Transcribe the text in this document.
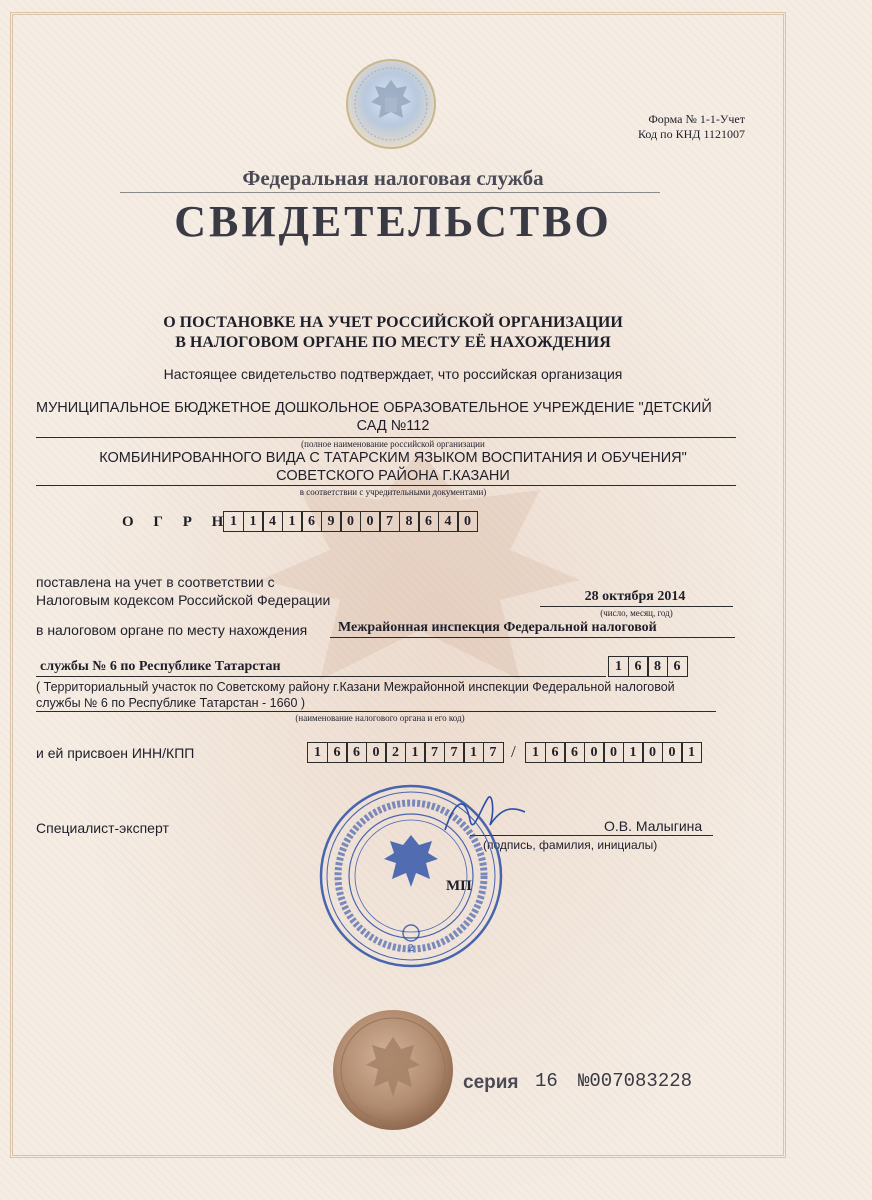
Форма № 1-1-Учет
Код по КНД 1121007
Федеральная налоговая служба
СВИДЕТЕЛЬСТВО
О ПОСТАНОВКЕ НА УЧЕТ РОССИЙСКОЙ ОРГАНИЗАЦИИ
В НАЛОГОВОМ ОРГАНЕ ПО МЕСТУ ЕЁ НАХОЖДЕНИЯ
Настоящее свидетельство подтверждает, что российская организация
МУНИЦИПАЛЬНОЕ БЮДЖЕТНОЕ ДОШКОЛЬНОЕ ОБРАЗОВАТЕЛЬНОЕ УЧРЕЖДЕНИЕ "ДЕТСКИЙ
САД №112
(полное наименование российской организации
КОМБИНИРОВАННОГО ВИДА С ТАТАРСКИМ ЯЗЫКОМ ВОСПИТАНИЯ И ОБУЧЕНИЯ"
СОВЕТСКОГО РАЙОНА Г.КАЗАНИ
в соответствии с учредительными документами)
О Г Р Н
1 1 4 1 6 9 0 0 7 8 6 4 0
поставлена на учет в соответствии с
Налоговым кодексом Российской Федерации	28 октября 2014
(число, месяц, год)
в налоговом органе по месту нахождения Межрайонная инспекция Федеральной налоговой
службы № 6 по Республике Татарстан	1 6 8 6
( Территориальный участок по Советскому району г.Казани Межрайонной инспекции Федеральной налоговой
службы № 6 по Республике Татарстан - 1660 )
(наименование налогового органа и его код)
и ей присвоен ИНН/КПП	1 6 6 0 2 1 7 7 1 7 /	1 6 6 0 0 1 0 0 1
Специалист-эксперт	О.В. Малыгина
(подпись, фамилия, инициалы)
2
МП
серия 16 №007083228
